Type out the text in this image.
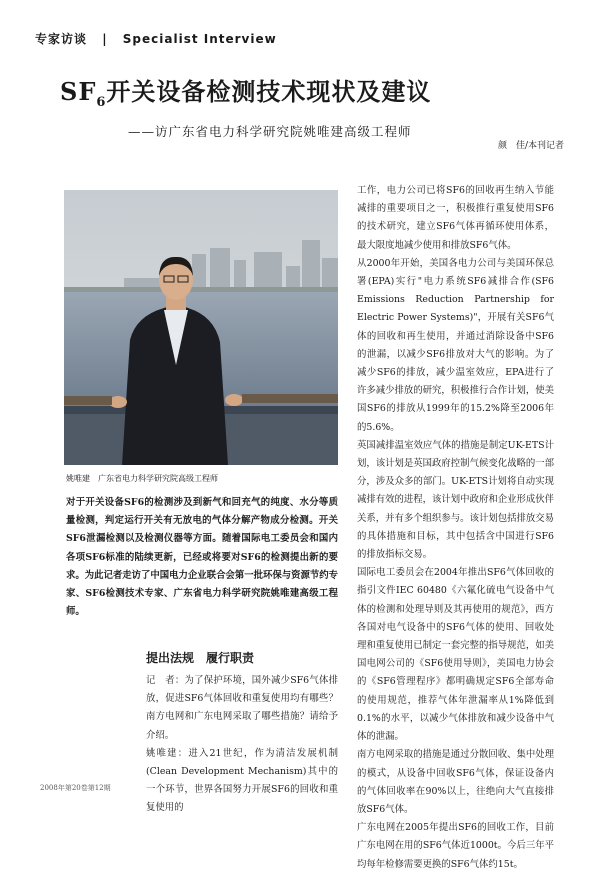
专家访谈 | Specialist Interview
$SF_6$开关设备检测技术现状及建议
——访广东省电力科学研究院姚唯建高级工程师
颜　佳/本刊记者
姚唯建　广东省电力科学研究院高级工程师
对于开关设备SF6的检测涉及到新气和回充气的纯度、水分等质量检测，判定运行开关有无放电的气体分解产物成分检测。开关SF6泄漏检测以及检测仪器等方面。随着国际电工委员会和国内各项SF6标准的陆续更新，已经或将要对SF6的检测提出新的要求。为此记者走访了中国电力企业联合会第一批环保与资源节约专家、SF6检测技术专家、广东省电力科学研究院姚唯建高级工程师。

提出法规　履行职责

记　者：为了保护环境，国外减少SF6气体排放，促进SF6气体回收和重复使用均有哪些？南方电网和广东电网采取了哪些措施？请给予介绍。

姚唯建：进入21世纪，作为清洁发展机制(Clean Development Mechanism)其中的一个环节，世界各国努力开展SF6的回收和重复使用的

工作，电力公司已将SF6的回收再生纳入节能减排的重要项目之一，积极推行重复使用SF6的技术研究，建立SF6气体再循环使用体系，最大限度地减少使用和排放SF6气体。

从2000年开始，美国各电力公司与美国环保总署(EPA)实行"电力系统SF6减排合作(SF6 Emissions Reduction Partnership for Electric Power Systems)"，开展有关SF6气体的回收和再生使用，并通过消除设备中SF6的泄漏，以减少SF6排放对大气的影响。为了减少SF6的排放，减少温室效应，EPA进行了许多减少排放的研究，积极推行合作计划，使美国SF6的排放从1999年的15.2%降至2006年的5.6%。

英国减排温室效应气体的措施是制定UK-ETS计划，该计划是英国政府控制气候变化战略的一部分，涉及众多的部门。UK-ETS计划将自动实现减排有效的进程，该计划中政府和企业形成伙伴关系，并有多个组织参与。该计划包括排放交易的具体措施和目标，其中包括含中国进行SF6的排放指标交易。

国际电工委员会在2004年推出SF6气体回收的指引文件IEC 60480《六氟化硫电气设备中气体的检测和处理导则及其再使用的规范》，西方各国对电气设备中的SF6气体的使用、回收处理和重复使用已制定一套完整的指导规范，如美国电网公司的《SF6使用导则》，美国电力协会的《SF6管理程序》都明确规定SF6全部寿命的使用规范，推荐气体年泄漏率从1%降低到0.1%的水平，以减少气体排放和减少设备中气体的泄漏。

南方电网采取的措施是通过分散回收、集中处理的模式，从设备中回收SF6气体，保证设备内的气体回收率在90%以上，往绝向大气直接排放SF6气体。

广东电网在2005年提出SF6的回收工作，目前广东电网在用的SF6气体近1000t。今后三年平均每年检修需要更换的SF6气体约15t。

2008年第20卷第12期
